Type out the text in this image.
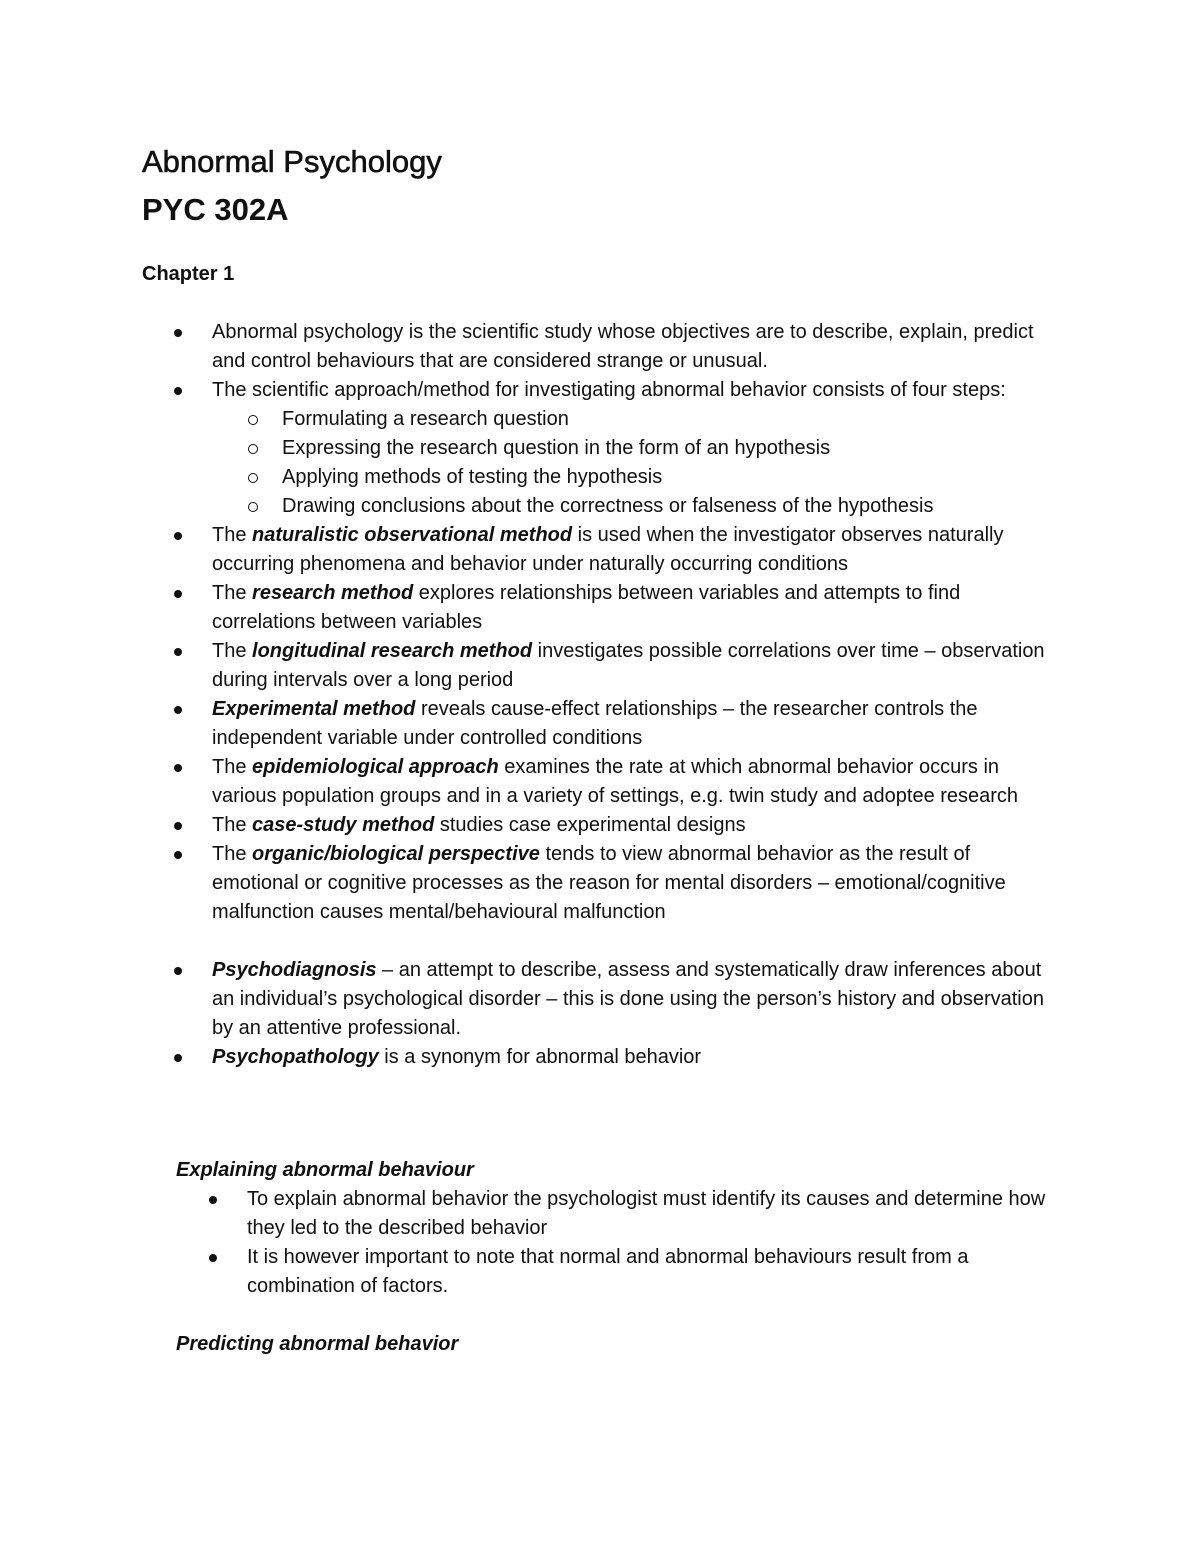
Abnormal Psychology
PYC 302A
Chapter 1
Abnormal psychology is the scientific study whose objectives are to describe, explain, predict and control behaviours that are considered strange or unusual.
The scientific approach/method for investigating abnormal behavior consists of four steps:
Formulating a research question
Expressing the research question in the form of an hypothesis
Applying methods of testing the hypothesis
Drawing conclusions about the correctness or falseness of the hypothesis
The naturalistic observational method is used when the investigator observes naturally occurring phenomena and behavior under naturally occurring conditions
The research method explores relationships between variables and attempts to find correlations between variables
The longitudinal research method investigates possible correlations over time – observation during intervals over a long period
Experimental method reveals cause-effect relationships – the researcher controls the independent variable under controlled conditions
The epidemiological approach examines the rate at which abnormal behavior occurs in various population groups and in a variety of settings, e.g. twin study and adoptee research
The case-study method studies case experimental designs
The organic/biological perspective tends to view abnormal behavior as the result of emotional or cognitive processes as the reason for mental disorders – emotional/cognitive malfunction causes mental/behavioural malfunction
Psychodiagnosis – an attempt to describe, assess and systematically draw inferences about an individual’s psychological disorder – this is done using the person’s history and observation by an attentive professional.
Psychopathology is a synonym for abnormal behavior
Explaining abnormal behaviour
To explain abnormal behavior the psychologist must identify its causes and determine how they led to the described behavior
It is however important to note that normal and abnormal behaviours result from a combination of factors.
Predicting abnormal behavior
